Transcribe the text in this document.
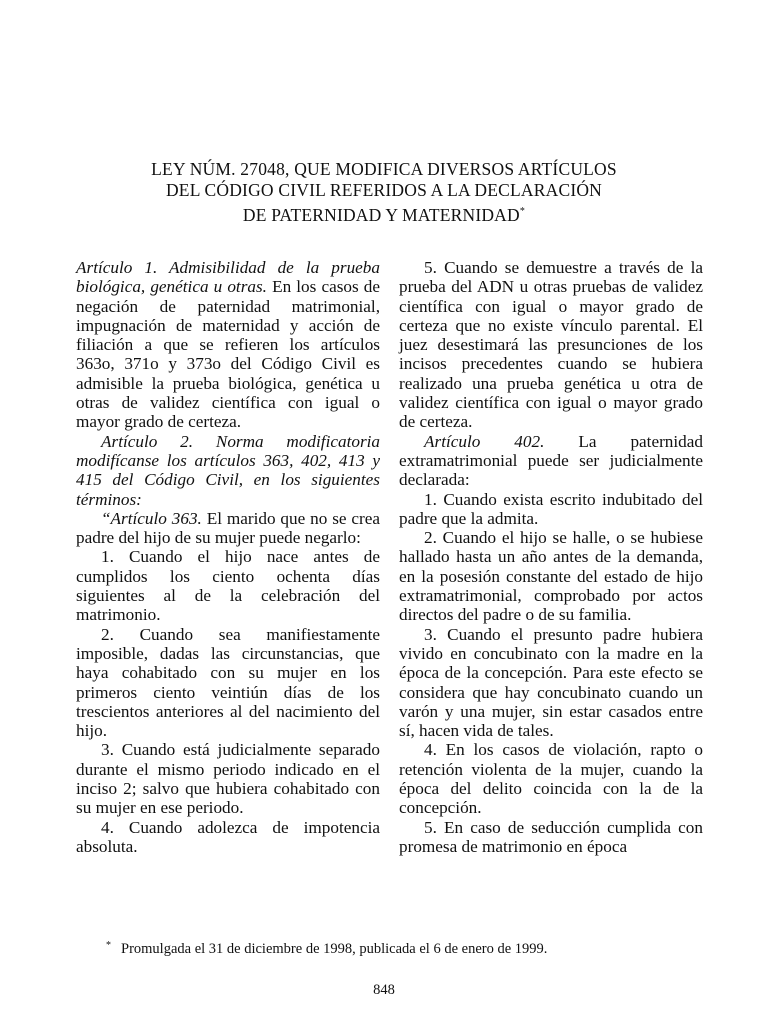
LEY NÚM. 27048, QUE MODIFICA DIVERSOS ARTÍCULOS
DEL CÓDIGO CIVIL REFERIDOS A LA DECLARACIÓN
DE PATERNIDAD Y MATERNIDAD*

Artículo 1. Admisibilidad de la prueba biológica, genética u otras. En los casos de negación de paternidad matrimonial, impugnación de maternidad y acción de filiación a que se refieren los artículos 363o, 371o y 373o del Código Civil es admisible la prueba biológica, genética u otras de validez científica con igual o mayor grado de certeza.

Artículo 2. Norma modificatoria modifícanse los artículos 363, 402, 413 y 415 del Código Civil, en los siguientes términos:

“Artículo 363. El marido que no se crea padre del hijo de su mujer puede negarlo:

1. Cuando el hijo nace antes de cumplidos los ciento ochenta días siguientes al de la celebración del matrimonio.

2. Cuando sea manifiestamente imposible, dadas las circunstancias, que haya cohabitado con su mujer en los primeros ciento veintiún días de los trescientos anteriores al del nacimiento del hijo.

3. Cuando está judicialmente separado durante el mismo periodo indicado en el inciso 2; salvo que hubiera cohabitado con su mujer en ese periodo.

4. Cuando adolezca de impotencia absoluta.

5. Cuando se demuestre a través de la prueba del ADN u otras pruebas de validez científica con igual o mayor grado de certeza que no existe vínculo parental. El juez desestimará las presunciones de los incisos precedentes cuando se hubiera realizado una prueba genética u otra de validez científica con igual o mayor grado de certeza.

Artículo 402. La paternidad extramatrimonial puede ser judicialmente declarada:

1. Cuando exista escrito indubitado del padre que la admita.

2. Cuando el hijo se halle, o se hubiese hallado hasta un año antes de la demanda, en la posesión constante del estado de hijo extramatrimonial, comprobado por actos directos del padre o de su familia.

3. Cuando el presunto padre hubiera vivido en concubinato con la madre en la época de la concepción. Para este efecto se considera que hay concubinato cuando un varón y una mujer, sin estar casados entre sí, hacen vida de tales.

4. En los casos de violación, rapto o retención violenta de la mujer, cuando la época del delito coincida con la de la concepción.

5. En caso de seducción cumplida con promesa de matrimonio en época

* Promulgada el 31 de diciembre de 1998, publicada el 6 de enero de 1999.
848
